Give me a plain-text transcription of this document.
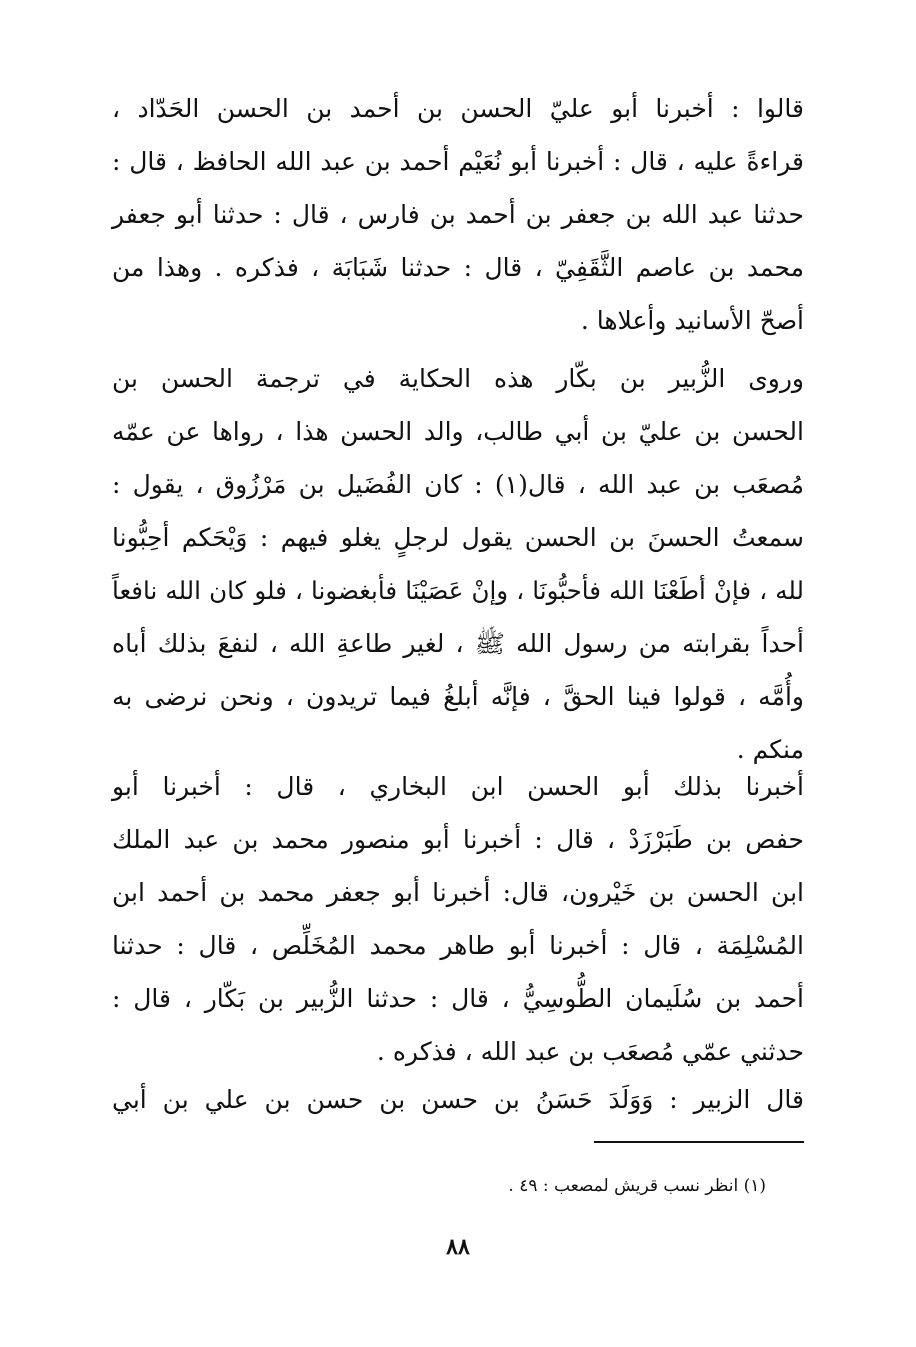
قالوا : أخبرنا أبو عليّ الحسن بن أحمد بن الحسن الحَدّاد ،
قراءةً عليه ، قال : أخبرنا أبو نُعَيْم أحمد بن عبد الله الحافظ ، قال :
حدثنا عبد الله بن جعفر بن أحمد بن فارس ، قال : حدثنا أبو جعفر
محمد بن عاصم الثَّقَفِيّ ، قال : حدثنا شَبَابَة ، فذكره . وهذا من
أصحّ الأسانيد وأعلاها .
وروى الزُّبير بن بكّار هذه الحكاية في ترجمة الحسن بن
الحسن بن عليّ بن أبي طالب، والد الحسن هذا ، رواها عن عمّه
مُصعَب بن عبد الله ، قال(١) : كان الفُضَيل بن مَرْزُوق ، يقول :
سمعتُ الحسنَ بن الحسن يقول لرجلٍ يغلو فيهم : وَيْحَكم أحِبُّونا
لله ، فإنْ أطَعْنَا الله فأحبُّونَا ، وإنْ عَصَيْنَا فأبغضونا ، فلو كان الله نافعاً
أحداً بقرابته من رسول الله ﷺ ، لغير طاعةِ الله ، لنفعَ بذلك أباه
وأُمَّه ، قولوا فينا الحقَّ ، فإنَّه أبلغُ فيما تريدون ، ونحن نرضى به
منكم .
أخبرنا بذلك أبو الحسن ابن البخاري ، قال : أخبرنا أبو
حفص بن طَبَرْزَدْ ، قال : أخبرنا أبو منصور محمد بن عبد الملك
ابن الحسن بن خَيْرون، قال: أخبرنا أبو جعفر محمد بن أحمد ابن
المُسْلِمَة ، قال : أخبرنا أبو طاهر محمد المُخَلِّص ، قال : حدثنا
أحمد بن سُلَيمان الطُّوسِيُّ ، قال : حدثنا الزُّبير بن بَكّار ، قال :
حدثني عمّي مُصعَب بن عبد الله ، فذكره .
قال الزبير : وَوَلَدَ حَسَنُ بن حسن بن حسن بن علي بن أبي
(١) انظر نسب قريش لمصعب : ٤٩ .
٨٨
